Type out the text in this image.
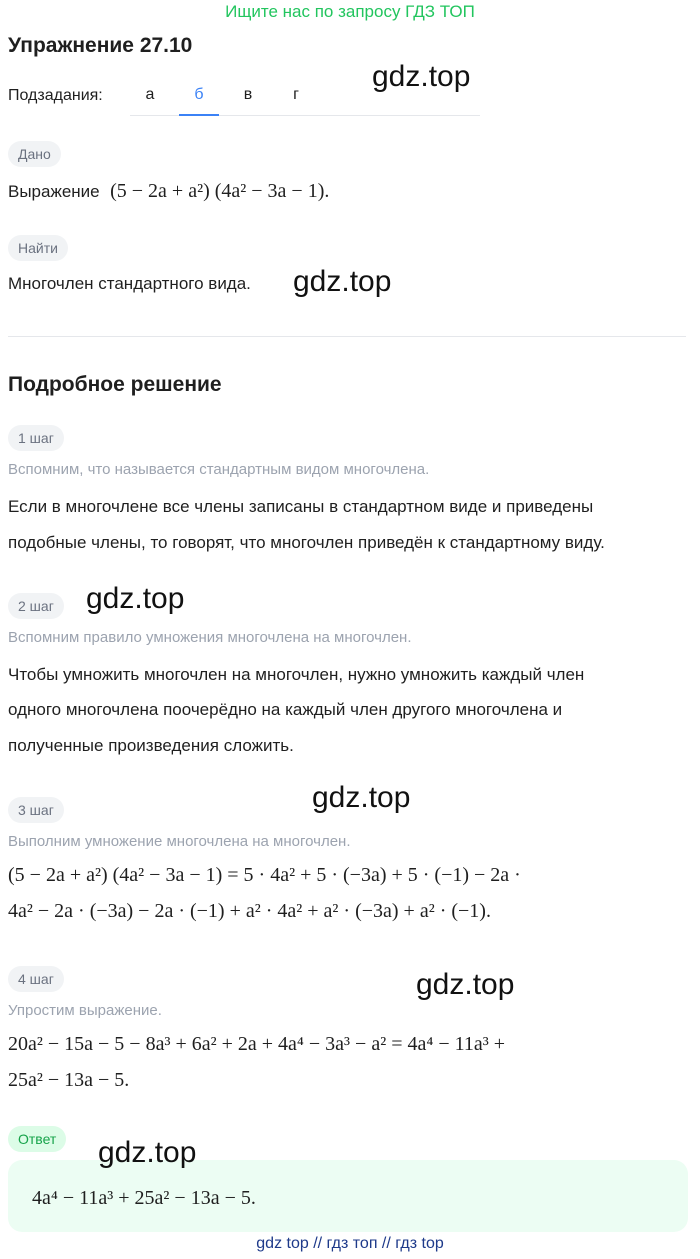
Ищите нас по запросу ГДЗ ТОП
Упражнение 27.10
gdz.top
Подзадания:	а	б	в	г
Дано
Выражение (5 − 2a + a²) (4a² − 3a − 1).
Найти
Многочлен стандартного вида. gdz.top
Подробное решение
1 шаг
Вспомним, что называется стандартным видом многочлена.
Если в многочлене все члены записаны в стандартном виде и приведены
подобные члены, то говорят, что многочлен приведён к стандартному виду.
2 шаг	gdz.top
Вспомним правило умножения многочлена на многочлен.
Чтобы умножить многочлен на многочлен, нужно умножить каждый член
одного многочлена поочерёдно на каждый член другого многочлена и
полученные произведения сложить.
3 шаг	gdz.top
Выполним умножение многочлена на многочлен.
(5 − 2a + a²) (4a² − 3a − 1) = 5 · 4a² + 5 · (−3a) + 5 · (−1) − 2a ·
4a² − 2a · (−3a) − 2a · (−1) + a² · 4a² + a² · (−3a) + a² · (−1).
4 шаг	gdz.top
Упростим выражение.
20a² − 15a − 5 − 8a³ + 6a² + 2a + 4a⁴ − 3a³ − a² = 4a⁴ − 11a³ +
25a² − 13a − 5.
Ответ
4a⁴ − 11a³ + 25a² − 13a − 5.
gdz.top
gdz top // гдз топ // гдз top
